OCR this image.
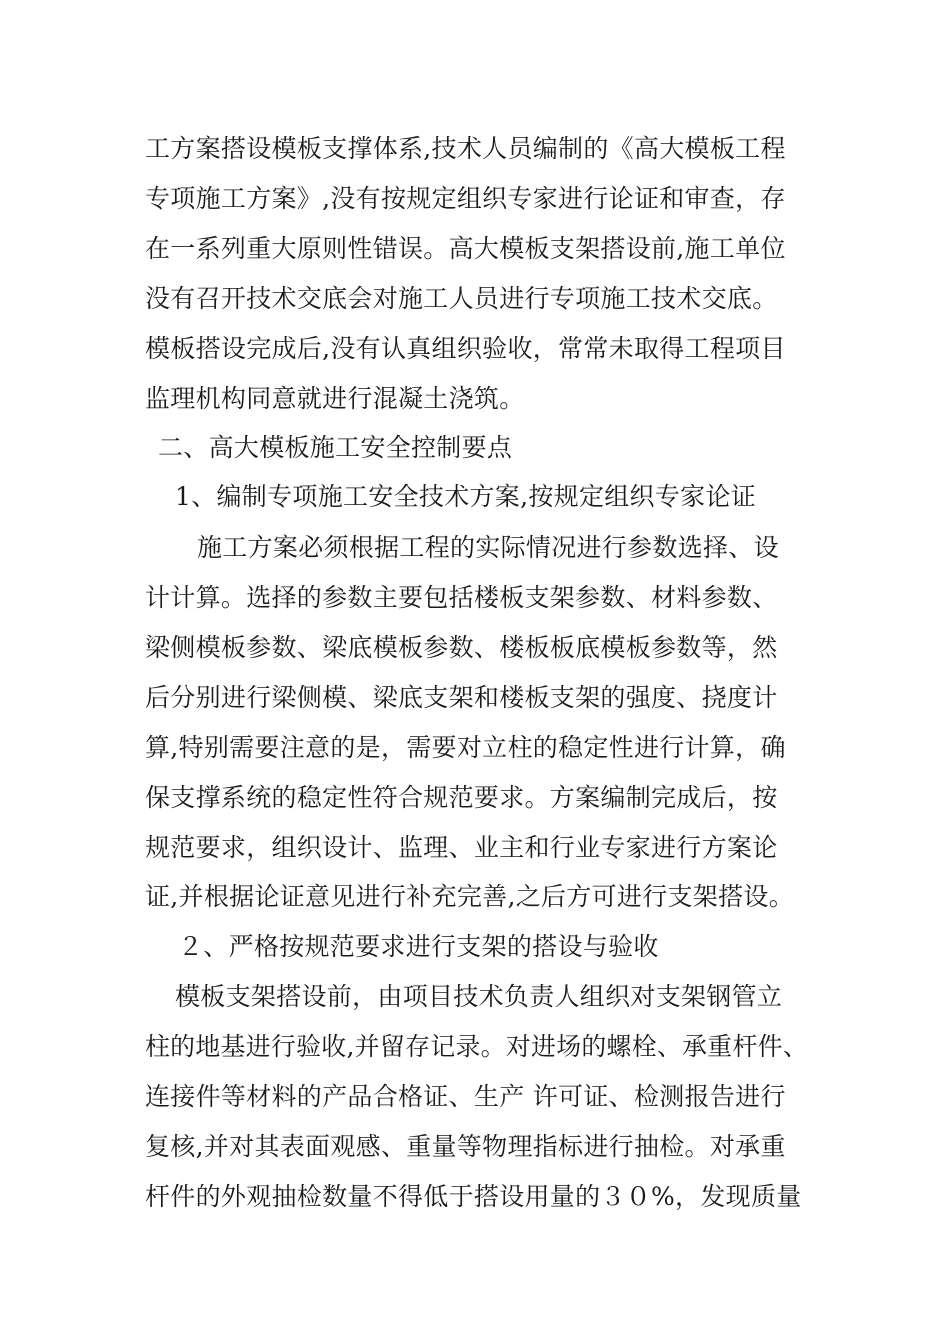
工方案搭设模板支撑体系,技术人员编制的《高大模板工程
专项施工方案》,没有按规定组织专家进行论证和审查，存
在一系列重大原则性错误。高大模板支架搭设前,施工单位
没有召开技术交底会对施工人员进行专项施工技术交底。
模板搭设完成后,没有认真组织验收，常常未取得工程项目
监理机构同意就进行混凝土浇筑。
二、高大模板施工安全控制要点
1、编制专项施工安全技术方案,按规定组织专家论证
施工方案必须根据工程的实际情况进行参数选择、设
计计算。选择的参数主要包括楼板支架参数、材料参数、
梁侧模板参数、梁底模板参数、楼板板底模板参数等，然
后分别进行梁侧模、梁底支架和楼板支架的强度、挠度计
算,特别需要注意的是，需要对立柱的稳定性进行计算，确
保支撑系统的稳定性符合规范要求。方案编制完成后，按
规范要求，组织设计、监理、业主和行业专家进行方案论
证,并根据论证意见进行补充完善,之后方可进行支架搭设。
２、严格按规范要求进行支架的搭设与验收
模板支架搭设前，由项目技术负责人组织对支架钢管立
柱的地基进行验收,并留存记录。对进场的螺栓、承重杆件、
连接件等材料的产品合格证、生产 许可证、检测报告进行
复核,并对其表面观感、重量等物理指标进行抽检。对承重
杆件的外观抽检数量不得低于搭设用量的３０%，发现质量
